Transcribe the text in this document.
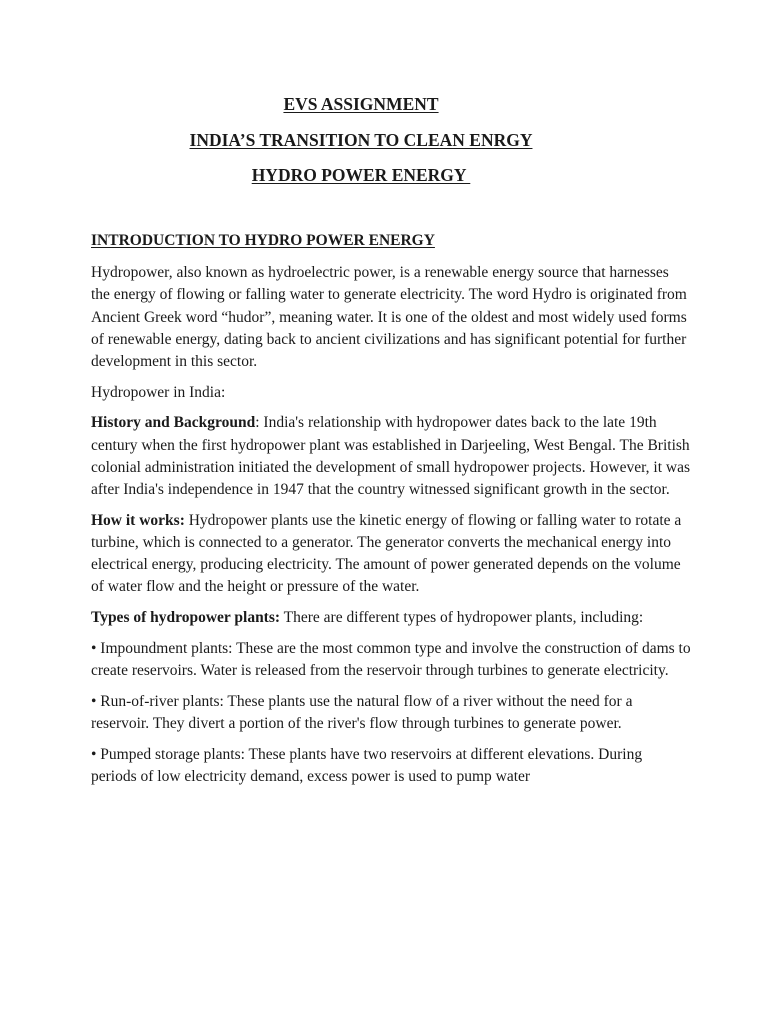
EVS ASSIGNMENT
INDIA’S TRANSITION TO CLEAN ENRGY
HYDRO POWER ENERGY

INTRODUCTION TO HYDRO POWER ENERGY

Hydropower, also known as hydroelectric power, is a renewable energy source that harnesses the energy of flowing or falling water to generate electricity. The word Hydro is originated from Ancient Greek word “hudor”, meaning water. It is one of the oldest and most widely used forms of renewable energy, dating back to ancient civilizations and has significant potential for further development in this sector.

Hydropower in India:

History and Background: India's relationship with hydropower dates back to the late 19th century when the first hydropower plant was established in Darjeeling, West Bengal. The British colonial administration initiated the development of small hydropower projects. However, it was after India's independence in 1947 that the country witnessed significant growth in the sector.

How it works: Hydropower plants use the kinetic energy of flowing or falling water to rotate a turbine, which is connected to a generator. The generator converts the mechanical energy into electrical energy, producing electricity. The amount of power generated depends on the volume of water flow and the height or pressure of the water.

Types of hydropower plants: There are different types of hydropower plants, including:

• Impoundment plants: These are the most common type and involve the construction of dams to create reservoirs. Water is released from the reservoir through turbines to generate electricity.

• Run-of-river plants: These plants use the natural flow of a river without the need for a reservoir. They divert a portion of the river's flow through turbines to generate power.

• Pumped storage plants: These plants have two reservoirs at different elevations. During periods of low electricity demand, excess power is used to pump water
